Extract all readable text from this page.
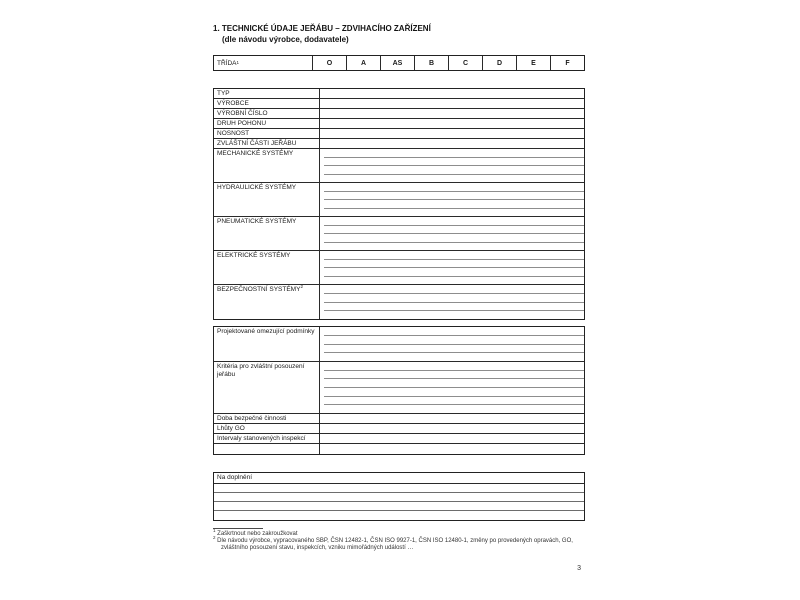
1. TECHNICKÉ ÚDAJE JEŘÁBU – ZDVIHACÍHO ZAŘÍZENÍ
(dle návodu výrobce, dodavatele)
TŘÍDA 1	O	A	AS	B	C	D	E	F
TYP
VÝROBCE
VÝROBNÍ ČÍSLO
DRUH POHONU
NOSNOST
ZVLÁŠTNÍ ČÁSTI JEŘÁBU
MECHANICKÉ SYSTÉMY
HYDRAULICKÉ SYSTÉMY
PNEUMATICKÉ SYSTÉMY
ELEKTRICKÉ SYSTÉMY
BEZPEČNOSTNÍ SYSTÉMY$^2$
Projektované omezující podmínky
Kritéria pro zvláštní posouzení jeřábu
Doba bezpečné činnosti
Lhůty GO
Intervaly stanovených inspekcí
Na doplnění
$^1$ Zaškrtnout nebo zakroužkovat
$^2$ Dle návodu výrobce, vypracovaného SBP, ČSN 12482-1, ČSN ISO 9927-1, ČSN ISO 12480-1, změny po provedených opravách, GO, zvláštního posouzení stavu, inspekcích, vzniku mimořádných událostí …
3
